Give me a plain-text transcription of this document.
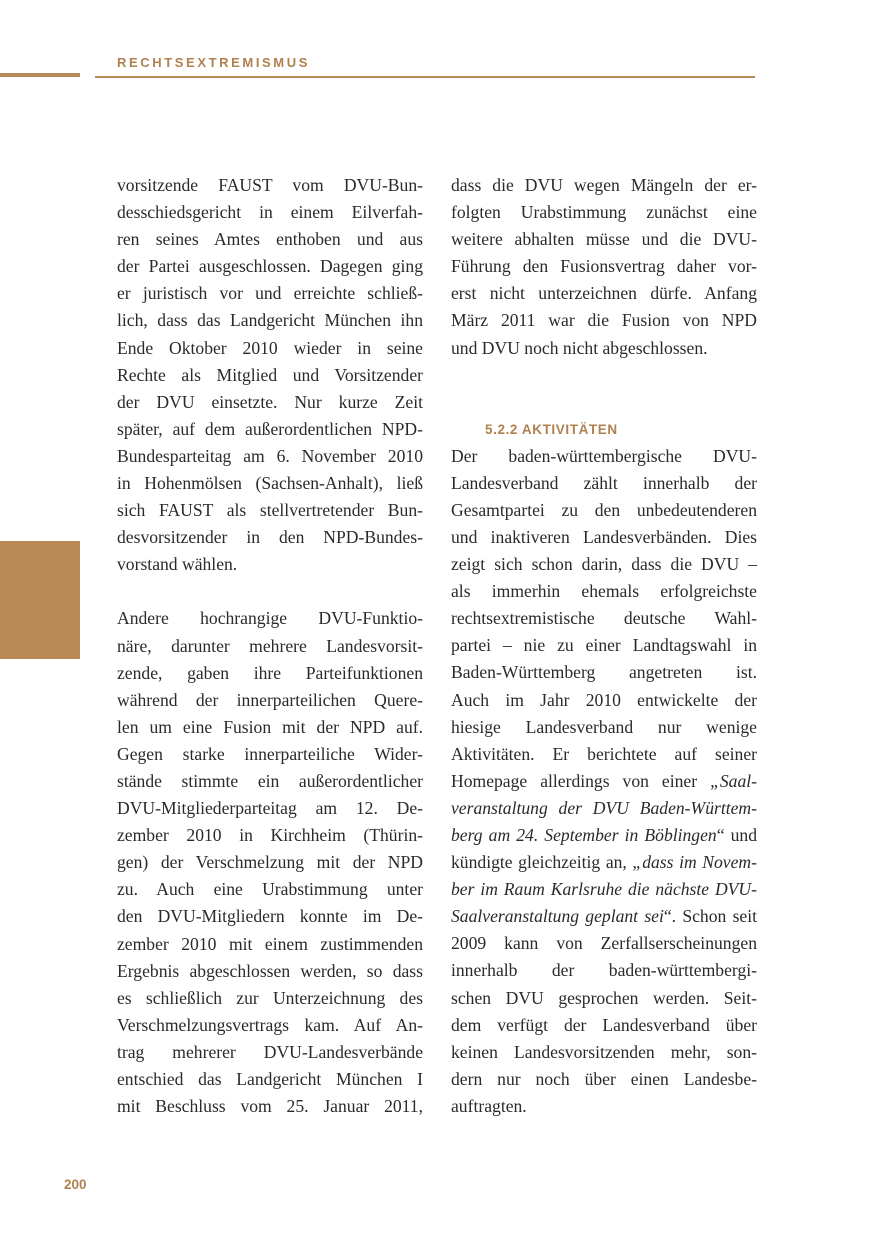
RECHTSEXTREMISMUS
vorsitzende FAUST vom DVU-Bun-
desschiedsgericht in einem Eilverfah-
ren seines Amtes enthoben und aus
der Partei ausgeschlossen. Dagegen ging
er juristisch vor und erreichte schließ-
lich, dass das Landgericht München ihn
Ende Oktober 2010 wieder in seine
Rechte als Mitglied und Vorsitzender
der DVU einsetzte. Nur kurze Zeit
später, auf dem außerordentlichen NPD-
Bundesparteitag am 6. November 2010
in Hohenmölsen (Sachsen-Anhalt), ließ
sich FAUST als stellvertretender Bun-
desvorsitzender in den NPD-Bundes-
vorstand wählen.
Andere hochrangige DVU-Funktio-
näre, darunter mehrere Landesvorsit-
zende, gaben ihre Parteifunktionen
während der innerparteilichen Quere-
len um eine Fusion mit der NPD auf.
Gegen starke innerparteiliche Wider-
stände stimmte ein außerordentlicher
DVU-Mitgliederparteitag am 12. De-
zember 2010 in Kirchheim (Thürin-
gen) der Verschmelzung mit der NPD
zu. Auch eine Urabstimmung unter
den DVU-Mitgliedern konnte im De-
zember 2010 mit einem zustimmenden
Ergebnis abgeschlossen werden, so dass
es schließlich zur Unterzeichnung des
Verschmelzungsvertrags kam. Auf An-
trag mehrerer DVU-Landesverbände
entschied das Landgericht München I
mit Beschluss vom 25. Januar 2011,
dass die DVU wegen Mängeln der er-
folgten Urabstimmung zunächst eine
weitere abhalten müsse und die DVU-
Führung den Fusionsvertrag daher vor-
erst nicht unterzeichnen dürfe. Anfang
März 2011 war die Fusion von NPD
und DVU noch nicht abgeschlossen.
5.2.2 AKTIVITÄTEN
Der baden-württembergische DVU-
Landesverband zählt innerhalb der
Gesamtpartei zu den unbedeutenderen
und inaktiveren Landesverbänden. Dies
zeigt sich schon darin, dass die DVU –
als immerhin ehemals erfolgreichste
rechtsextremistische deutsche Wahl-
partei – nie zu einer Landtagswahl in
Baden-Württemberg angetreten ist.
Auch im Jahr 2010 entwickelte der
hiesige Landesverband nur wenige
Aktivitäten. Er berichtete auf seiner
Homepage allerdings von einer „Saal-
veranstaltung der DVU Baden-Württem-
berg am 24. September in Böblingen“ und
kündigte gleichzeitig an, „dass im Novem-
ber im Raum Karlsruhe die nächste DVU-
Saalveranstaltung geplant sei“. Schon seit
2009 kann von Zerfallserscheinungen
innerhalb der baden-württembergi-
schen DVU gesprochen werden. Seit-
dem verfügt der Landesverband über
keinen Landesvorsitzenden mehr, son-
dern nur noch über einen Landesbe-
auftragten.
200
